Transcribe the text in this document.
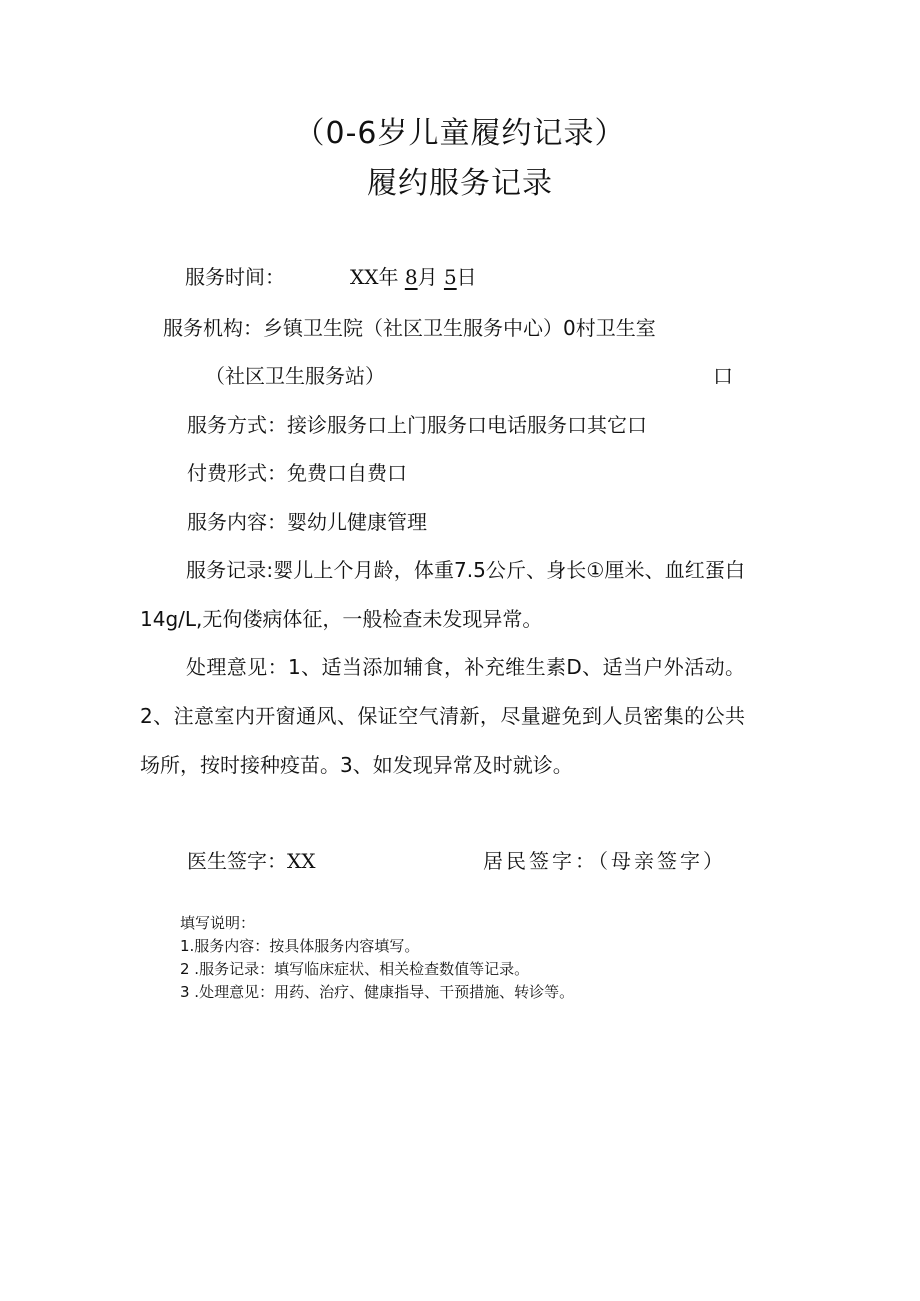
（0-6岁儿童履约记录）
履约服务记录
服务时间：	XX年 8月 5日
服务机构：乡镇卫生院（社区卫生服务中心）0村卫生室
（社区卫生服务站）	口
服务方式：接诊服务口上门服务口电话服务口其它口
付费形式：免费口自费口
服务内容：婴幼儿健康管理
服务记录:婴儿上个月龄，体重7.5公斤、身长①厘米、血红蛋白14g/L,无佝偻病体征，一般检查未发现异常。
处理意见：1、适当添加辅食，补充维生素D、适当户外活动。2、注意室内开窗通风、保证空气清新，尽量避免到人员密集的公共场所，按时接种疫苗。3、如发现异常及时就诊。
医生签字：XX	居民签字：（母亲签字）
填写说明：
1.服务内容：按具体服务内容填写。
2 .服务记录：填写临床症状、相关检查数值等记录。
3 .处理意见：用药、治疗、健康指导、干预措施、转诊等。
